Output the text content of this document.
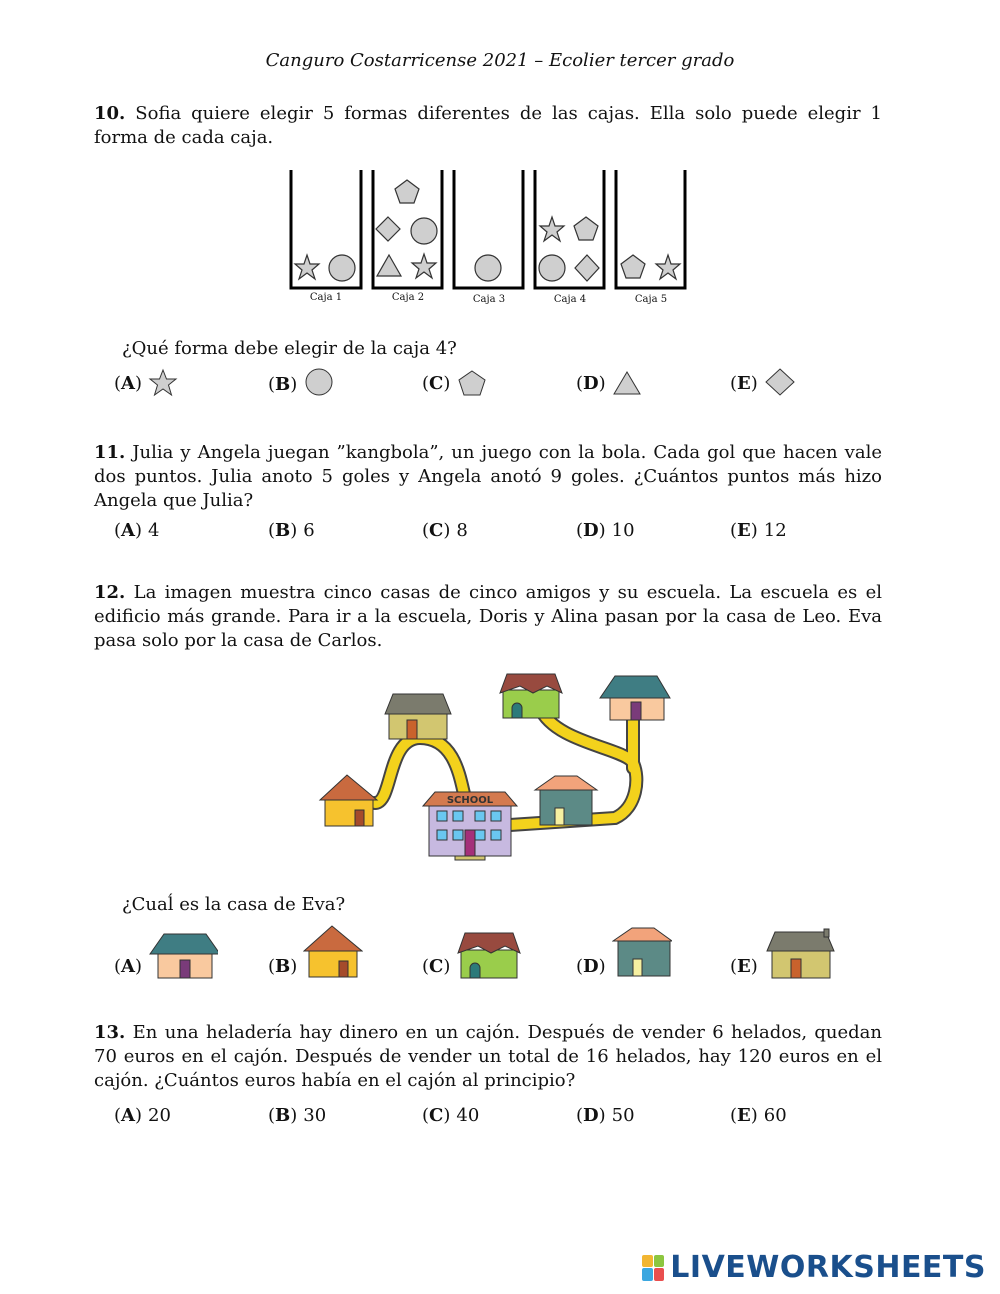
Canguro Costarricense 2021 – Ecolier tercer grado
10. Sofia quiere elegir 5 formas diferentes de las cajas. Ella solo puede elegir 1 forma de cada caja.
Caja 1	Caja 2	Caja 3	Caja 4	Caja 5
¿Qué forma debe elegir de la caja 4?
(A)	(B)	(C)	(D)	(E)
11. Julia y Angela juegan ”kangbola”, un juego con la bola. Cada gol que hacen vale dos puntos. Julia anoto 5 goles y Angela anotó 9 goles. ¿Cuántos puntos más hizo Angela que Julia?
(A) 4	(B) 6	(C) 8	(D) 10	(E) 12
12. La imagen muestra cinco casas de cinco amigos y su escuela. La escuela es el edificio más grande. Para ir a la escuela, Doris y Alina pasan por la casa de Leo. Eva pasa solo por la casa de Carlos.
SCHOOL
¿Cuaĺ es la casa de Eva?
(A)	(B)	(C)	(D)	(E)
13. En una heladería hay dinero en un cajón. Después de vender 6 helados, quedan 70 euros en el cajón. Después de vender un total de 16 helados, hay 120 euros en el cajón. ¿Cuántos euros había en el cajón al principio?
(A) 20	(B) 30	(C) 40	(D) 50	(E) 60
LIVEWORKSHEETS
